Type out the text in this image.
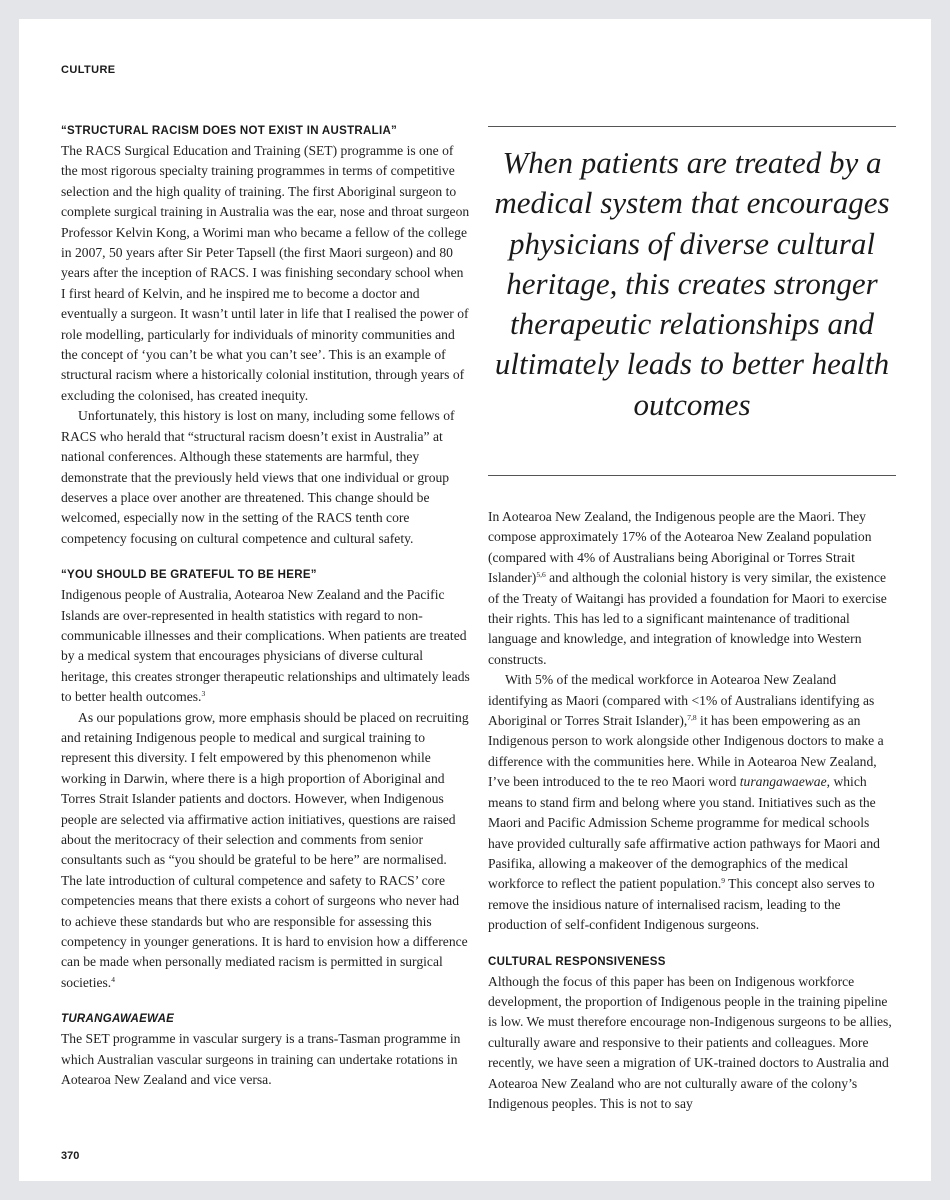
CULTURE
“STRUCTURAL RACISM DOES NOT EXIST IN AUSTRALIA”

The RACS Surgical Education and Training (SET) programme is one of the most rigorous specialty training programmes in terms of competitive selection and the high quality of training. The first Aboriginal surgeon to complete surgical training in Australia was the ear, nose and throat surgeon Professor Kelvin Kong, a Worimi man who became a fellow of the college in 2007, 50 years after Sir Peter Tapsell (the first Maori surgeon) and 80 years after the inception of RACS. I was finishing secondary school when I first heard of Kelvin, and he inspired me to become a doctor and eventually a surgeon. It wasn’t until later in life that I realised the power of role modelling, particularly for individuals of minority communities and the concept of ‘you can’t be what you can’t see’. This is an example of structural racism where a historically colonial institution, through years of excluding the colonised, has created inequity.

Unfortunately, this history is lost on many, including some fellows of RACS who herald that “structural racism doesn’t exist in Australia” at national conferences. Although these statements are harmful, they demonstrate that the previously held views that one individual or group deserves a place over another are threatened. This change should be welcomed, especially now in the setting of the RACS tenth core competency focusing on cultural competence and cultural safety.

“YOU SHOULD BE GRATEFUL TO BE HERE”

Indigenous people of Australia, Aotearoa New Zealand and the Pacific Islands are over-represented in health statistics with regard to non-communicable illnesses and their complications. When patients are treated by a medical system that encourages physicians of diverse cultural heritage, this creates stronger therapeutic relationships and ultimately leads to better health outcomes.$^3$

As our populations grow, more emphasis should be placed on recruiting and retaining Indigenous people to medical and surgical training to represent this diversity. I felt empowered by this phenomenon while working in Darwin, where there is a high proportion of Aboriginal and Torres Strait Islander patients and doctors. However, when Indigenous people are selected via affirmative action initiatives, questions are raised about the meritocracy of their selection and comments from senior consultants such as “you should be grateful to be here” are normalised. The late introduction of cultural competence and safety to RACS’ core competencies means that there exists a cohort of surgeons who never had to achieve these standards but who are responsible for assessing this competency in younger generations. It is hard to envision how a difference can be made when personally mediated racism is permitted in surgical societies.$^4$

TURANGAWAEWAE

The SET programme in vascular surgery is a trans-Tasman programme in which Australian vascular surgeons in training can undertake rotations in Aotearoa New Zealand and vice versa.

When patients are treated by a medical system that encourages physicians of diverse cultural heritage, this creates stronger therapeutic relationships and ultimately leads to better health outcomes

In Aotearoa New Zealand, the Indigenous people are the Maori. They compose approximately 17% of the Aotearoa New Zealand population (compared with 4% of Australians being Aboriginal or Torres Strait Islander)$^{5,6}$ and although the colonial history is very similar, the existence of the Treaty of Waitangi has provided a foundation for Maori to exercise their rights. This has led to a significant maintenance of traditional language and knowledge, and integration of knowledge into Western constructs.

With 5% of the medical workforce in Aotearoa New Zealand identifying as Maori (compared with <1% of Australians identifying as Aboriginal or Torres Strait Islander),$^{7,8}$ it has been empowering as an Indigenous person to work alongside other Indigenous doctors to make a difference with the communities here. While in Aotearoa New Zealand, I’ve been introduced to the te reo Maori word turangawaewae, which means to stand firm and belong where you stand. Initiatives such as the Maori and Pacific Admission Scheme programme for medical schools have provided culturally safe affirmative action pathways for Maori and Pasifika, allowing a makeover of the demographics of the medical workforce to reflect the patient population.$^9$ This concept also serves to remove the insidious nature of internalised racism, leading to the production of self-confident Indigenous surgeons.

CULTURAL RESPONSIVENESS

Although the focus of this paper has been on Indigenous workforce development, the proportion of Indigenous people in the training pipeline is low. We must therefore encourage non-Indigenous surgeons to be allies, culturally aware and responsive to their patients and colleagues. More recently, we have seen a migration of UK-trained doctors to Australia and Aotearoa New Zealand who are not culturally aware of the colony’s Indigenous peoples. This is not to say

370
